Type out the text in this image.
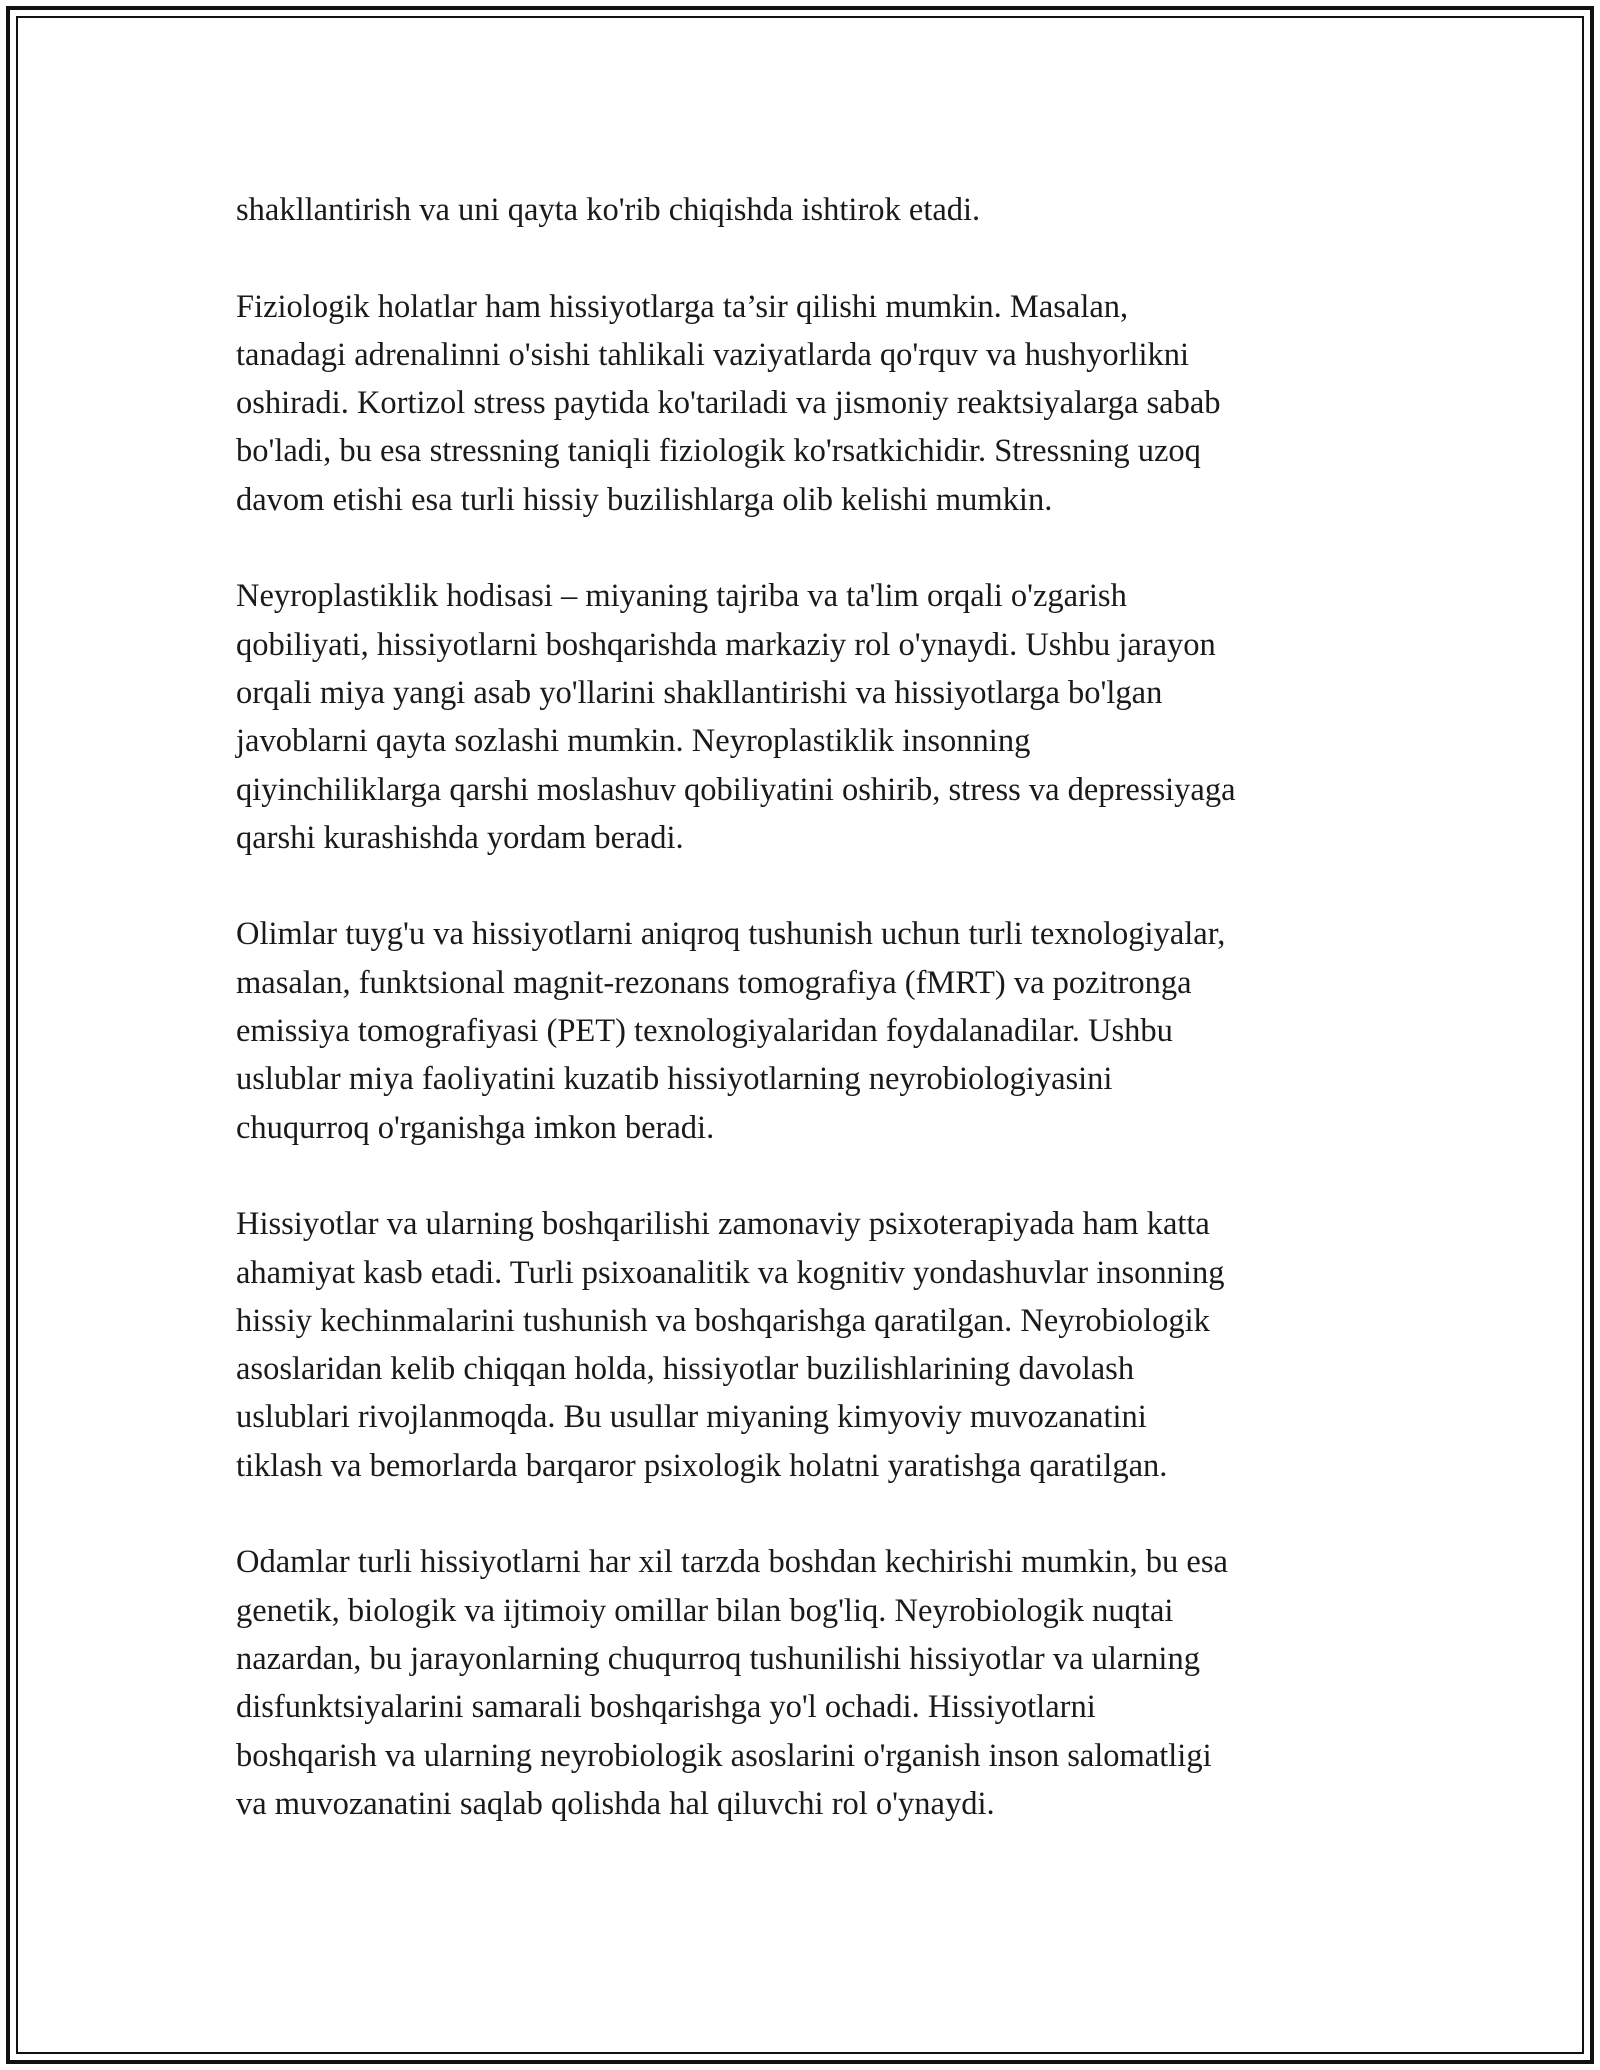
shakllantirish va uni qayta ko'rib chiqishda ishtirok etadi.

Fiziologik holatlar ham hissiyotlarga ta’sir qilishi mumkin. Masalan,
tanadagi adrenalinni o'sishi tahlikali vaziyatlarda qo'rquv va hushyorlikni
oshiradi. Kortizol stress paytida ko'tariladi va jismoniy reaktsiyalarga sabab
bo'ladi, bu esa stressning taniqli fiziologik ko'rsatkichidir. Stressning uzoq
davom etishi esa turli hissiy buzilishlarga olib kelishi mumkin.

Neyroplastiklik hodisasi – miyaning tajriba va ta'lim orqali o'zgarish
qobiliyati, hissiyotlarni boshqarishda markaziy rol o'ynaydi. Ushbu jarayon
orqali miya yangi asab yo'llarini shakllantirishi va hissiyotlarga bo'lgan
javoblarni qayta sozlashi mumkin. Neyroplastiklik insonning
qiyinchiliklarga qarshi moslashuv qobiliyatini oshirib, stress va depressiyaga
qarshi kurashishda yordam beradi.

Olimlar tuyg'u va hissiyotlarni aniqroq tushunish uchun turli texnologiyalar,
masalan, funktsional magnit-rezonans tomografiya (fMRT) va pozitronga
emissiya tomografiyasi (PET) texnologiyalaridan foydalanadilar. Ushbu
uslublar miya faoliyatini kuzatib hissiyotlarning neyrobiologiyasini
chuqurroq o'rganishga imkon beradi.

Hissiyotlar va ularning boshqarilishi zamonaviy psixoterapiyada ham katta
ahamiyat kasb etadi. Turli psixoanalitik va kognitiv yondashuvlar insonning
hissiy kechinmalarini tushunish va boshqarishga qaratilgan. Neyrobiologik
asoslaridan kelib chiqqan holda, hissiyotlar buzilishlarining davolash
uslublari rivojlanmoqda. Bu usullar miyaning kimyoviy muvozanatini
tiklash va bemorlarda barqaror psixologik holatni yaratishga qaratilgan.

Odamlar turli hissiyotlarni har xil tarzda boshdan kechirishi mumkin, bu esa
genetik, biologik va ijtimoiy omillar bilan bog'liq. Neyrobiologik nuqtai
nazardan, bu jarayonlarning chuqurroq tushunilishi hissiyotlar va ularning
disfunktsiyalarini samarali boshqarishga yo'l ochadi. Hissiyotlarni
boshqarish va ularning neyrobiologik asoslarini o'rganish inson salomatligi
va muvozanatini saqlab qolishda hal qiluvchi rol o'ynaydi.
